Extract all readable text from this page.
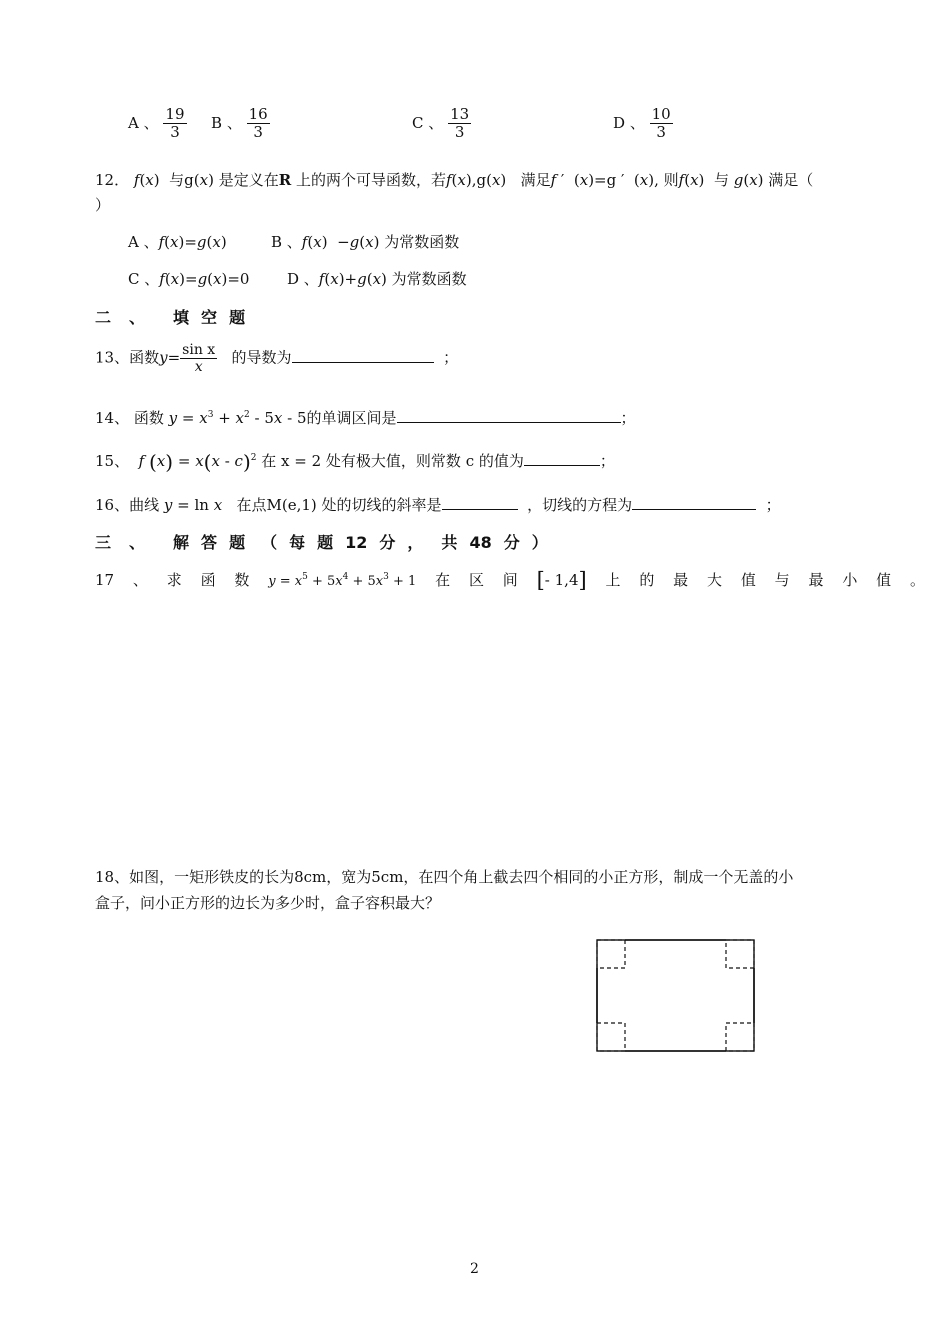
A 、 $\frac{19}{3}$ B 、 $\frac{16}{3}$	C 、 $\frac{13}{3}$	D 、 $\frac{10}{3}$
12． f(x)  与g(x) 是定义在R 上的两个可导函数，若f(x),g(x)   满足f ′  (x)=g ′  (x), 则f(x)  与 g(x) 满足（
）
A 、f(x)=g(x)	B 、f(x)  −g(x) 为常数函数
C 、f(x)=g(x)=0	D 、f(x)+g(x) 为常数函数
二 、 填 空 题
13、函数$y= \frac{\text{sin x}}{x}$ 的导数为	；
14、 函数 $y = x^3 + x^2 - 5x - 5$的单调区间是	；
15、 f (x) = x(x - c)$^2$ 在 x = 2 处有极大值，则常数 c 的值为	；
16、曲线 y = ln x 在点M(e,1) 处的切线的斜率是	，切线的方程为	；
三 、 解 答 题 （ 每 题 12 分 ， 共 48 分 ）
17 、 求 函 数 $y = x^5 + 5x^4 + 5x^3 + 1$ 在 区 间 [- 1,4] 上 的 最 大 值 与 最 小 值 。
18、如图，一矩形铁皮的长为8cm，宽为5cm，在四个角上截去四个相同的小正方形，制成一个无盖的小
盒子，问小正方形的边长为多少时，盒子容积最大？
2
